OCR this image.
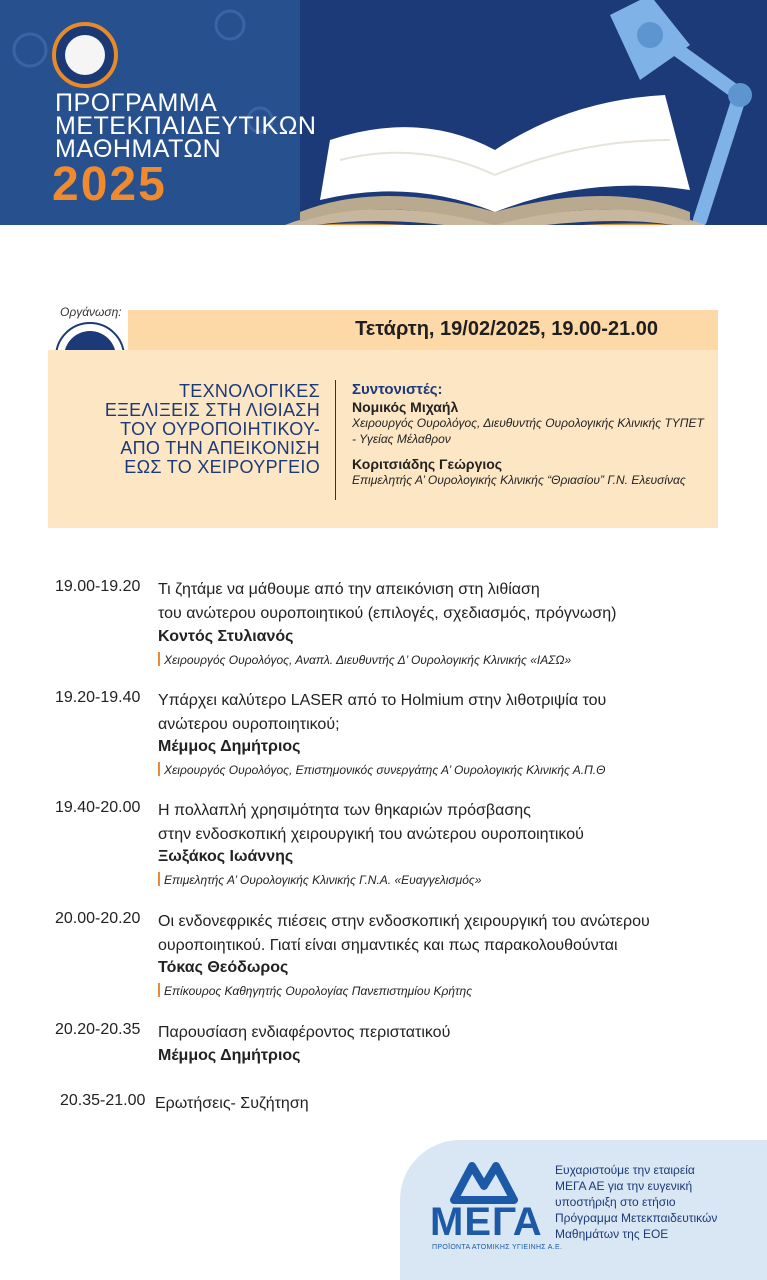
ΠΡΟΓΡΑΜΜΑ
ΜΕΤΕΚΠΑΙΔΕΥΤΙΚΩΝ
ΜΑΘΗΜΑΤΩΝ
2025
Οργάνωση:
Τετάρτη, 19/02/2025, 19.00-21.00
ΤΕΧΝΟΛΟΓΙΚΕΣ
ΕΞΕΛΙΞΕΙΣ ΣΤΗ ΛΙΘΙΑΣΗ
ΤΟΥ ΟΥΡΟΠΟΙΗΤΙΚΟΥ-
ΑΠΟ ΤΗΝ ΑΠΕΙΚΟΝΙΣΗ
ΕΩΣ ΤΟ ΧΕΙΡΟΥΡΓΕΙΟ
Συντονιστές:
Νομικός Μιχαήλ
Χειρουργός Ουρολόγος, Διευθυντής Ουρολογικής Κλινικής ΤΥΠΕΤ
- Υγείας Μέλαθρον
Κοριτσιάδης Γεώργιος
Επιμελητής Α’ Ουρολογικής Κλινικής “Θριασίου” Γ.Ν. Ελευσίνας
19.00-19.20 Τι ζητάμε να μάθουμε από την απεικόνιση στη λιθίαση
του ανώτερου ουροποιητικού (επιλογές, σχεδιασμός, πρόγνωση)
Κοντός Στυλιανός
Χειρουργός Ουρολόγος, Αναπλ. Διευθυντής Δ’ Ουρολογικής Κλινικής «ΙΑΣΩ»
19.20-19.40 Υπάρχει καλύτερο LASER από το Holmium στην λιθοτριψία του
ανώτερου ουροποιητικού;
Μέμμος Δημήτριος
Χειρουργός Ουρολόγος, Επιστημονικός συνεργάτης Α’ Ουρολογικής Κλινικής Α.Π.Θ
19.40-20.00 Η πολλαπλή χρησιμότητα των θηκαριών πρόσβασης
στην ενδοσκοπική χειρουργική του ανώτερου ουροποιητικού
Ξωξάκος Ιωάννης
Επιμελητής Α’ Ουρολογικής Κλινικής Γ.Ν.Α. «Ευαγγελισμός»
20.00-20.20 Οι ενδονεφρικές πιέσεις στην ενδοσκοπική χειρουργική του ανώτερου
ουροποιητικού. Γιατί είναι σημαντικές και πως παρακολουθούνται
Τόκας Θεόδωρος
Επίκουρος Καθηγητής Ουρολογίας Πανεπιστημίου Κρήτης
20.20-20.35 Παρουσίαση ενδιαφέροντος περιστατικού
Μέμμος Δημήτριος
20.35-21.00 Ερωτήσεις- Συζήτηση
ΜΕΓΑ
ΠΡΟΪΟΝΤΑ ΑΤΟΜΙΚΗΣ ΥΓΙΕΙΝΗΣ Α.Ε.
Ευχαριστούμε την εταιρεία
ΜΕΓΑ ΑΕ για την ευγενική
υποστήριξη στο ετήσιο
Πρόγραμμα Μετεκπαιδευτικών
Μαθημάτων της ΕΟΕ
